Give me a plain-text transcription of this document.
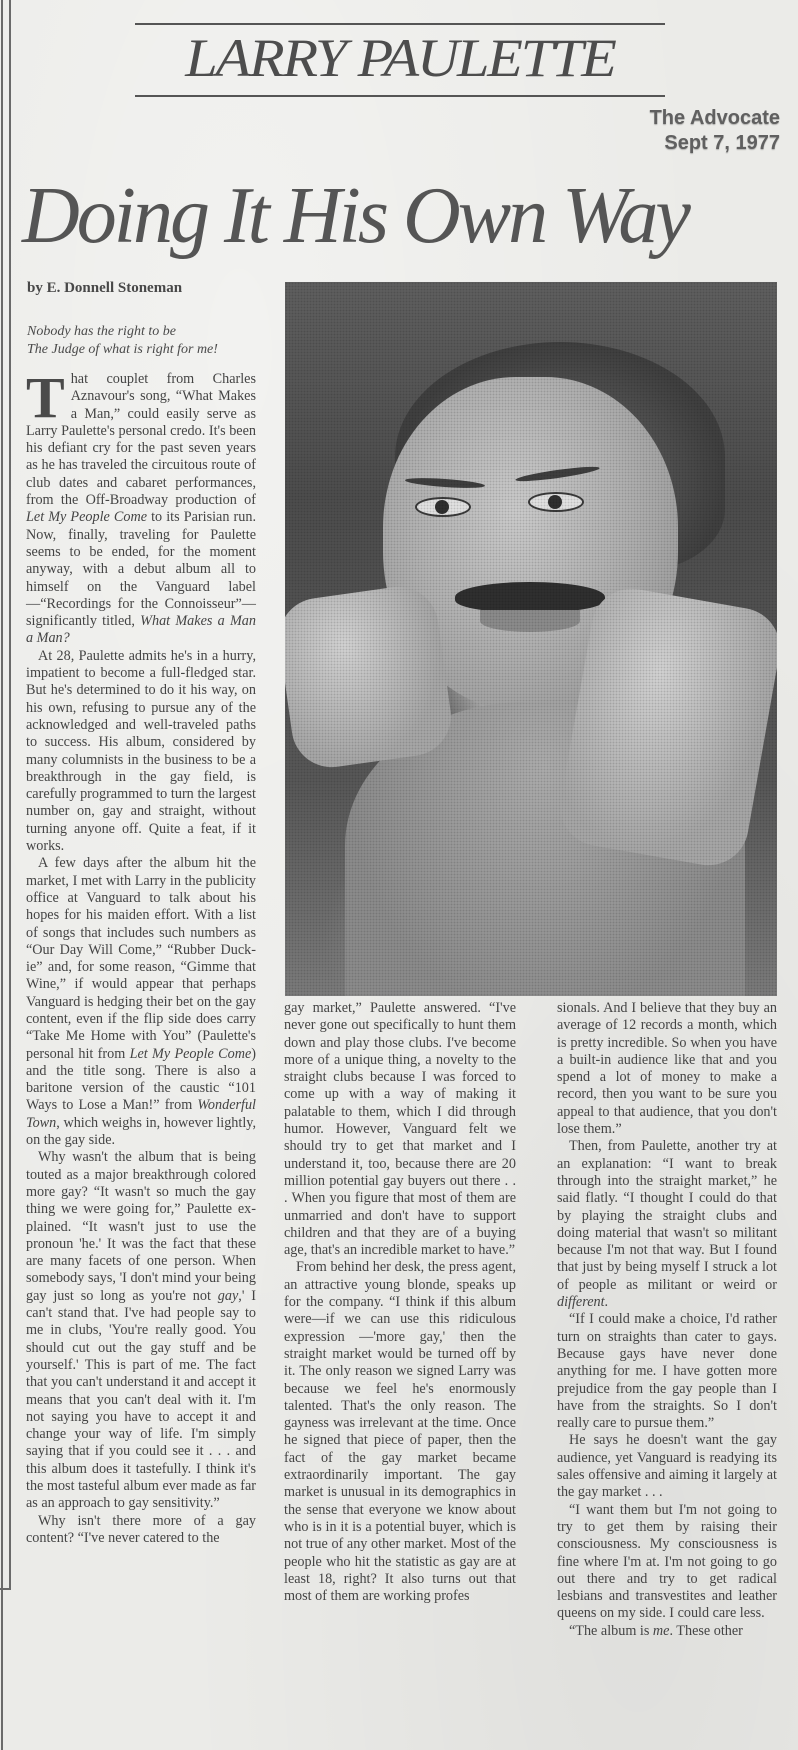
LARRY PAULETTE
The Advocate
Sept 7, 1977
Doing It His Own Way
by E. Donnell Stoneman
Nobody has the right to be
The Judge of what is right for me!

That couplet from Charles Aznavour's song, “What Makes a Man,” could easily serve as Larry Paulette's personal credo. It's been his defiant cry for the past seven years as he has traveled the circuitous route of club dates and cabaret performances, from the Off-Broadway production of Let My People Come to its Parisian run. Now, finally, traveling for Paulette seems to be ended, for the moment anyway, with a debut album all to himself on the Vanguard label—“Recordings for the Connoisseur”—significantly titled, What Makes a Man a Man?

At 28, Paulette admits he's in a hurry, impatient to become a full-fledged star. But he's determined to do it his way, on his own, refusing to pursue any of the acknowledged and well-traveled paths to success. His album, considered by many columnists in the business to be a breakthrough in the gay field, is carefully programmed to turn the largest number on, gay and straight, without turning anyone off. Quite a feat, if it works.

A few days after the album hit the market, I met with Larry in the publicity office at Vanguard to talk about his hopes for his maiden effort. With a list of songs that includes such numbers as “Our Day Will Come,” “Rubber Duckie” and, for some reason, “Gimme that Wine,” if would appear that perhaps Vanguard is hedging their bet on the gay content, even if the flip side does carry “Take Me Home with You” (Paulette's personal hit from Let My People Come) and the title song. There is also a baritone version of the caustic “101 Ways to Lose a Man!” from Wonderful Town, which weighs in, however lightly, on the gay side.

Why wasn't the album that is being touted as a major breakthrough colored more gay? “It wasn't so much the gay thing we were going for,” Paulette explained. “It wasn't just to use the pronoun 'he.' It was the fact that these are many facets of one person. When somebody says, 'I don't mind your being gay just so long as you're not gay,' I can't stand that. I've had people say to me in clubs, 'You're really good. You should cut out the gay stuff and be yourself.' This is part of me. The fact that you can't understand it and accept it means that you can't deal with it. I'm not saying you have to accept it and change your way of life. I'm simply saying that if you could see it . . . and this album does it tastefully. I think it's the most tasteful album ever made as far as an approach to gay sensitivity.”

Why isn't there more of a gay content? “I've never catered to the

gay market,” Paulette answered. “I've never gone out specifically to hunt them down and play those clubs. I've become more of a unique thing, a novelty to the straight clubs because I was forced to come up with a way of making it palatable to them, which I did through humor. However, Vanguard felt we should try to get that market and I understand it, too, because there are 20 million potential gay buyers out there . . . When you figure that most of them are unmarried and don't have to support children and that they are of a buying age, that's an incredible market to have.”

From behind her desk, the press agent, an attractive young blonde, speaks up for the company. “I think if this album were—if we can use this ridiculous expression —'more gay,' then the straight market would be turned off by it. The only reason we signed Larry was because we feel he's enormously talented. That's the only reason. The gayness was irrelevant at the time. Once he signed that piece of paper, then the fact of the gay market became extraordinarily important. The gay market is unusual in its demographics in the sense that everyone we know about who is in it is a potential buyer, which is not true of any other market. Most of the people who hit the statistic as gay are at least 18, right? It also turns out that most of them are working profes

sionals. And I believe that they buy an average of 12 records a month, which is pretty incredible. So when you have a built-in audience like that and you spend a lot of money to make a record, then you want to be sure you appeal to that audience, that you don't lose them.”

Then, from Paulette, another try at an explanation: “I want to break through into the straight market,” he said flatly. “I thought I could do that by playing the straight clubs and doing material that wasn't so militant because I'm not that way. But I found that just by being myself I struck a lot of people as militant or weird or different.

“If I could make a choice, I'd rather turn on straights than cater to gays. Because gays have never done anything for me. I have gotten more prejudice from the gay people than I have from the straights. So I don't really care to pursue them.”

He says he doesn't want the gay audience, yet Vanguard is readying its sales offensive and aiming it largely at the gay market . . .

“I want them but I'm not going to try to get them by raising their consciousness. My consciousness is fine where I'm at. I'm not going to go out there and try to get radical lesbians and transvestites and leather queens on my side. I could care less.

“The album is me. These other
